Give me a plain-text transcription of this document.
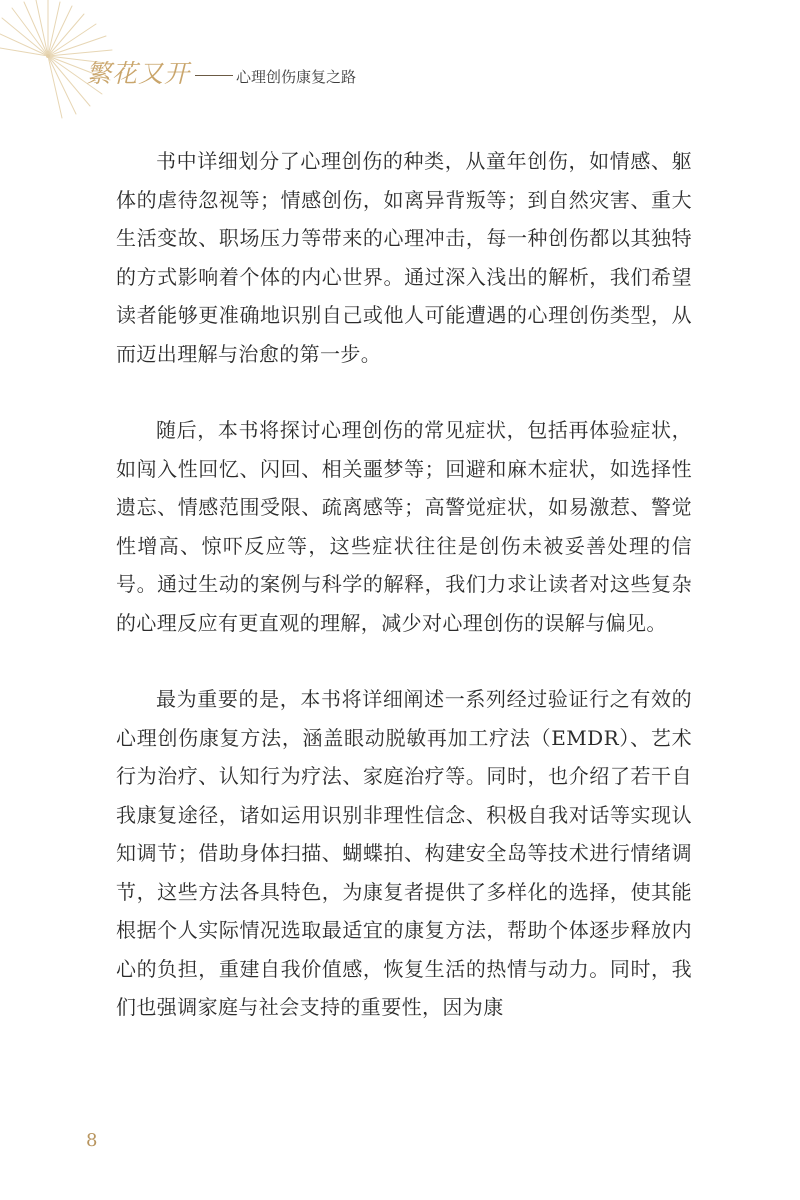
繁花又开	心理创伤康复之路

书中详细划分了心理创伤的种类，从童年创伤，如情感、躯体的虐待忽视等；情感创伤，如离异背叛等；到自然灾害、重大生活变故、职场压力等带来的心理冲击，每一种创伤都以其独特的方式影响着个体的内心世界。通过深入浅出的解析，我们希望读者能够更准确地识别自己或他人可能遭遇的心理创伤类型，从而迈出理解与治愈的第一步。

随后，本书将探讨心理创伤的常见症状，包括再体验症状，如闯入性回忆、闪回、相关噩梦等；回避和麻木症状，如选择性遗忘、情感范围受限、疏离感等；高警觉症状，如易激惹、警觉性增高、惊吓反应等，这些症状往往是创伤未被妥善处理的信号。通过生动的案例与科学的解释，我们力求让读者对这些复杂的心理反应有更直观的理解，减少对心理创伤的误解与偏见。

最为重要的是，本书将详细阐述一系列经过验证行之有效的心理创伤康复方法，涵盖眼动脱敏再加工疗法（EMDR）、艺术行为治疗、认知行为疗法、家庭治疗等。同时，也介绍了若干自我康复途径，诸如运用识别非理性信念、积极自我对话等实现认知调节；借助身体扫描、蝴蝶拍、构建安全岛等技术进行情绪调节，这些方法各具特色，为康复者提供了多样化的选择，使其能根据个人实际情况选取最适宜的康复方法，帮助个体逐步释放内心的负担，重建自我价值感，恢复生活的热情与动力。同时，我们也强调家庭与社会支持的重要性，因为康

8
